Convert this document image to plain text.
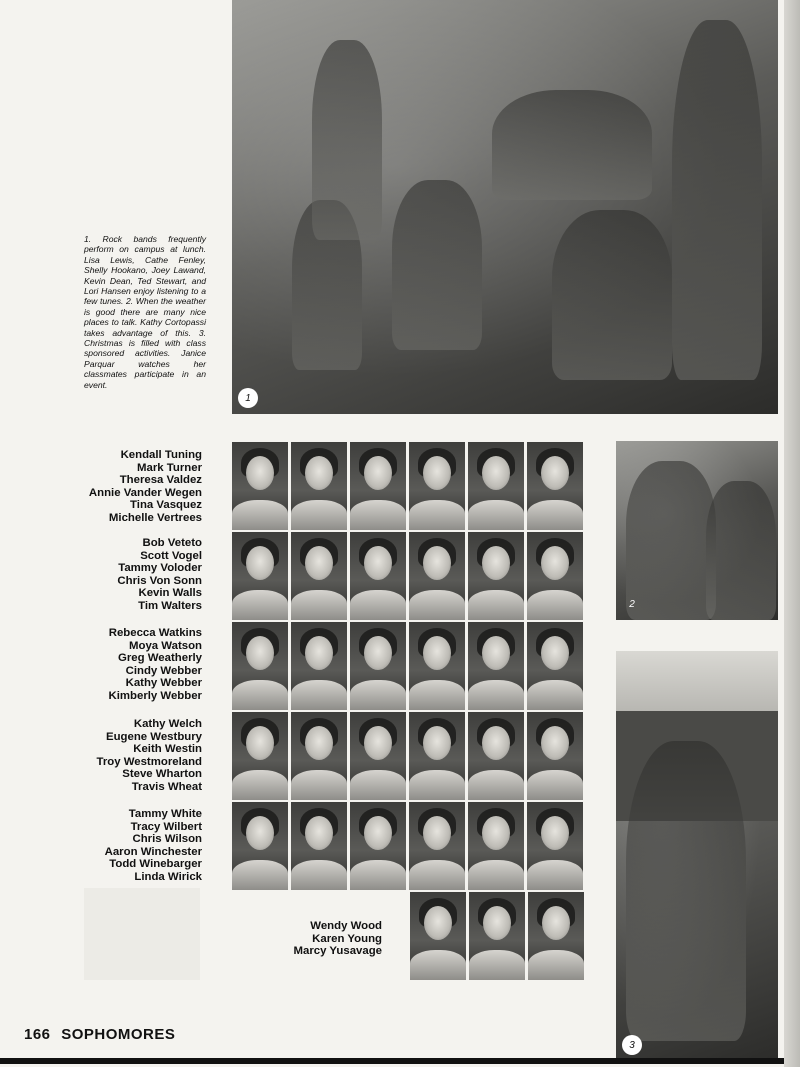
1

1. Rock bands frequently perform on campus at lunch. Lisa Lewis, Cathe Fenley, Shelly Hookano, Joey Lawand, Kevin Dean, Ted Stewart, and Lori Hansen enjoy listening to a few tunes. 2. When the weather is good there are many nice places to talk. Kathy Cortopassi takes advantage of this. 3. Christmas is filled with class sponsored activities. Janice Parquar watches her classmates participate in an event.

Kendall Tuning
Mark Turner
Theresa Valdez
Annie Vander Wegen
Tina Vasquez
Michelle Vertrees
Bob Veteto
Scott Vogel
Tammy Voloder
Chris Von Sonn
Kevin Walls
Tim Walters
Rebecca Watkins
Moya Watson
Greg Weatherly
Cindy Webber
Kathy Webber
Kimberly Webber
Kathy Welch
Eugene Westbury
Keith Westin
Troy Westmoreland
Steve Wharton
Travis Wheat
Tammy White
Tracy Wilbert
Chris Wilson
Aaron Winchester
Todd Winebarger
Linda Wirick
Wendy Wood
Karen Young
Marcy Yusavage
2
3
166 SOPHOMORES
